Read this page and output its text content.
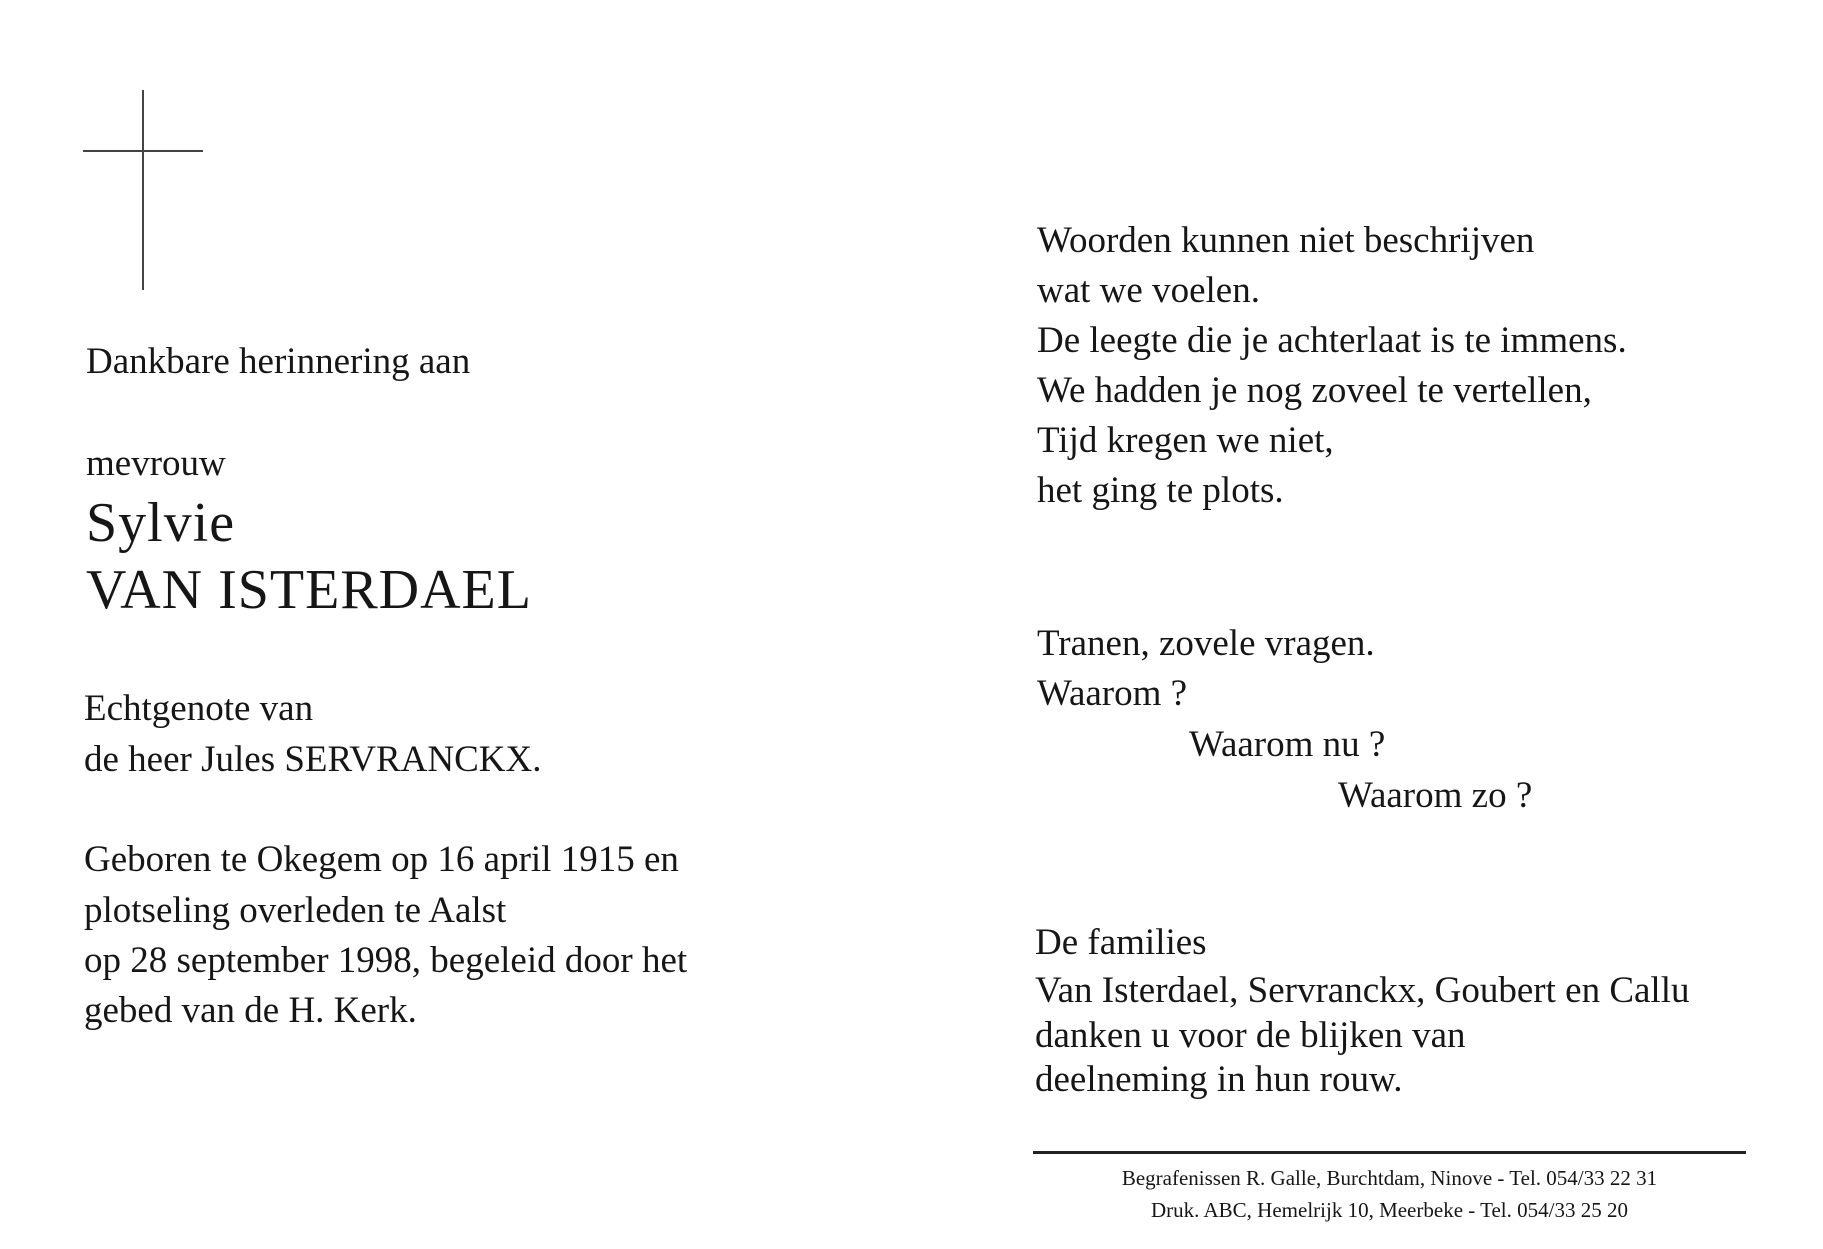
Dankbare herinnering aan
mevrouw
Sylvie
VAN ISTERDAEL
Echtgenote van
de heer Jules SERVRANCKX.
Geboren te Okegem op 16 april 1915 en
plotseling overleden te Aalst
op 28 september 1998, begeleid door het
gebed van de H. Kerk.
Woorden kunnen niet beschrijven
wat we voelen.
De leegte die je achterlaat is te immens.
We hadden je nog zoveel te vertellen,
Tijd kregen we niet,
het ging te plots.
Tranen, zovele vragen.
Waarom ?
Waarom nu ?
Waarom zo ?
De families
Van Isterdael, Servranckx, Goubert en Callu
danken u voor de blijken van
deelneming in hun rouw.
Begrafenissen R. Galle, Burchtdam, Ninove - Tel. 054/33 22 31
Druk. ABC, Hemelrijk 10, Meerbeke - Tel. 054/33 25 20
